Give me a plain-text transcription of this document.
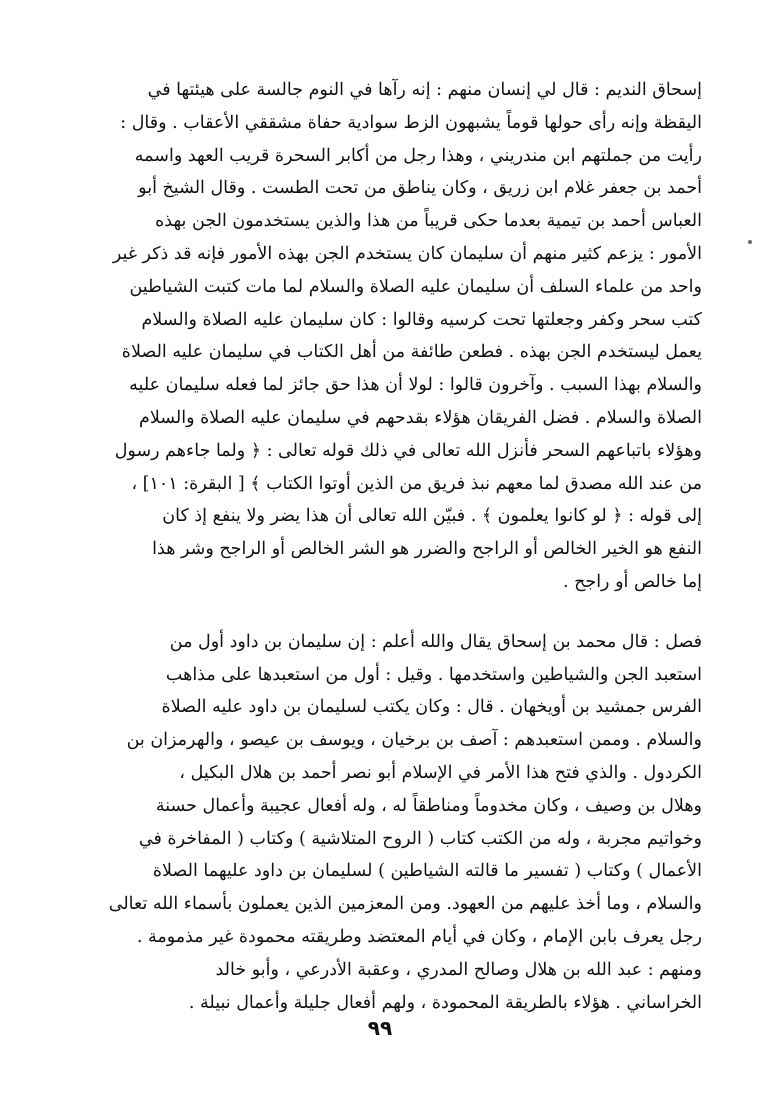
إسحاق النديم : قال لي إنسان منهم : إنه رآها في النوم جالسة على هيئتها في
اليقظة وإنه رأى حولها قوماً يشبهون الزط سوادية حفاة مشققي الأعقاب . وقال :
رأيت من جملتهم ابن مندريني ، وهذا رجل من أكابر السحرة قريب العهد واسمه
أحمد بن جعفر غلام ابن زريق ، وكان يناطق من تحت الطست . وقال الشيخ أبو
العباس أحمد بن تيمية بعدما حكى قريباً من هذا والذين يستخدمون الجن بهذه
الأمور : يزعم كثير منهم أن سليمان كان يستخدم الجن بهذه الأمور فإنه قد ذكر غير
واحد من علماء السلف أن سليمان عليه الصلاة والسلام لما مات كتبت الشياطين
كتب سحر وكفر وجعلتها تحت كرسيه وقالوا : كان سليمان عليه الصلاة والسلام
يعمل ليستخدم الجن بهذه . فطعن طائفة من أهل الكتاب في سليمان عليه الصلاة
والسلام بهذا السبب . وآخرون قالوا : لولا أن هذا حق جائز لما فعله سليمان عليه
الصلاة والسلام . فضل الفريقان هؤلاء بقدحهم في سليمان عليه الصلاة والسلام
وهؤلاء باتباعهم السحر فأنزل الله تعالى في ذلك قوله تعالى : ﴿ ولما جاءهم رسول
من عند الله مصدق لما معهم نبذ فريق من الذين أوتوا الكتاب ﴾ [ البقرة: ١٠١] ،
إلى قوله : ﴿ لو كانوا يعلمون ﴾ . فبيّن الله تعالى أن هذا يضر ولا ينفع إذ كان
النفع هو الخير الخالص أو الراجح والضرر هو الشر الخالص أو الراجح وشر هذا
إما خالص أو راجح .
فصل : قال محمد بن إسحاق يقال والله أعلم : إن سليمان بن داود أول من
استعبد الجن والشياطين واستخدمها . وقيل : أول من استعبدها على مذاهب
الفرس جمشيد بن أويخهان . قال : وكان يكتب لسليمان بن داود عليه الصلاة
والسلام . وممن استعبدهم : آصف بن برخيان ، ويوسف بن عيصو ، والهرمزان بن
الكردول . والذي فتح هذا الأمر في الإسلام أبو نصر أحمد بن هلال البكيل ،
وهلال بن وصيف ، وكان مخدوماً ومناطقاً له ، وله أفعال عجيبة وأعمال حسنة
وخواتيم مجربة ، وله من الكتب كتاب ( الروح المتلاشية ) وكتاب ( المفاخرة في
الأعمال ) وكتاب ( تفسير ما قالته الشياطين ) لسليمان بن داود عليهما الصلاة
والسلام ، وما أخذ عليهم من العهود. ومن المعزمين الذين يعملون بأسماء الله تعالى
رجل يعرف بابن الإمام ، وكان في أيام المعتضد وطريقته محمودة غير مذمومة .
ومنهم : عبد الله بن هلال وصالح المدري ، وعقبة الأدرعي ، وأبو خالد
الخراساني . هؤلاء بالطريقة المحمودة ، ولهم أفعال جليلة وأعمال نبيلة .
٩٩
